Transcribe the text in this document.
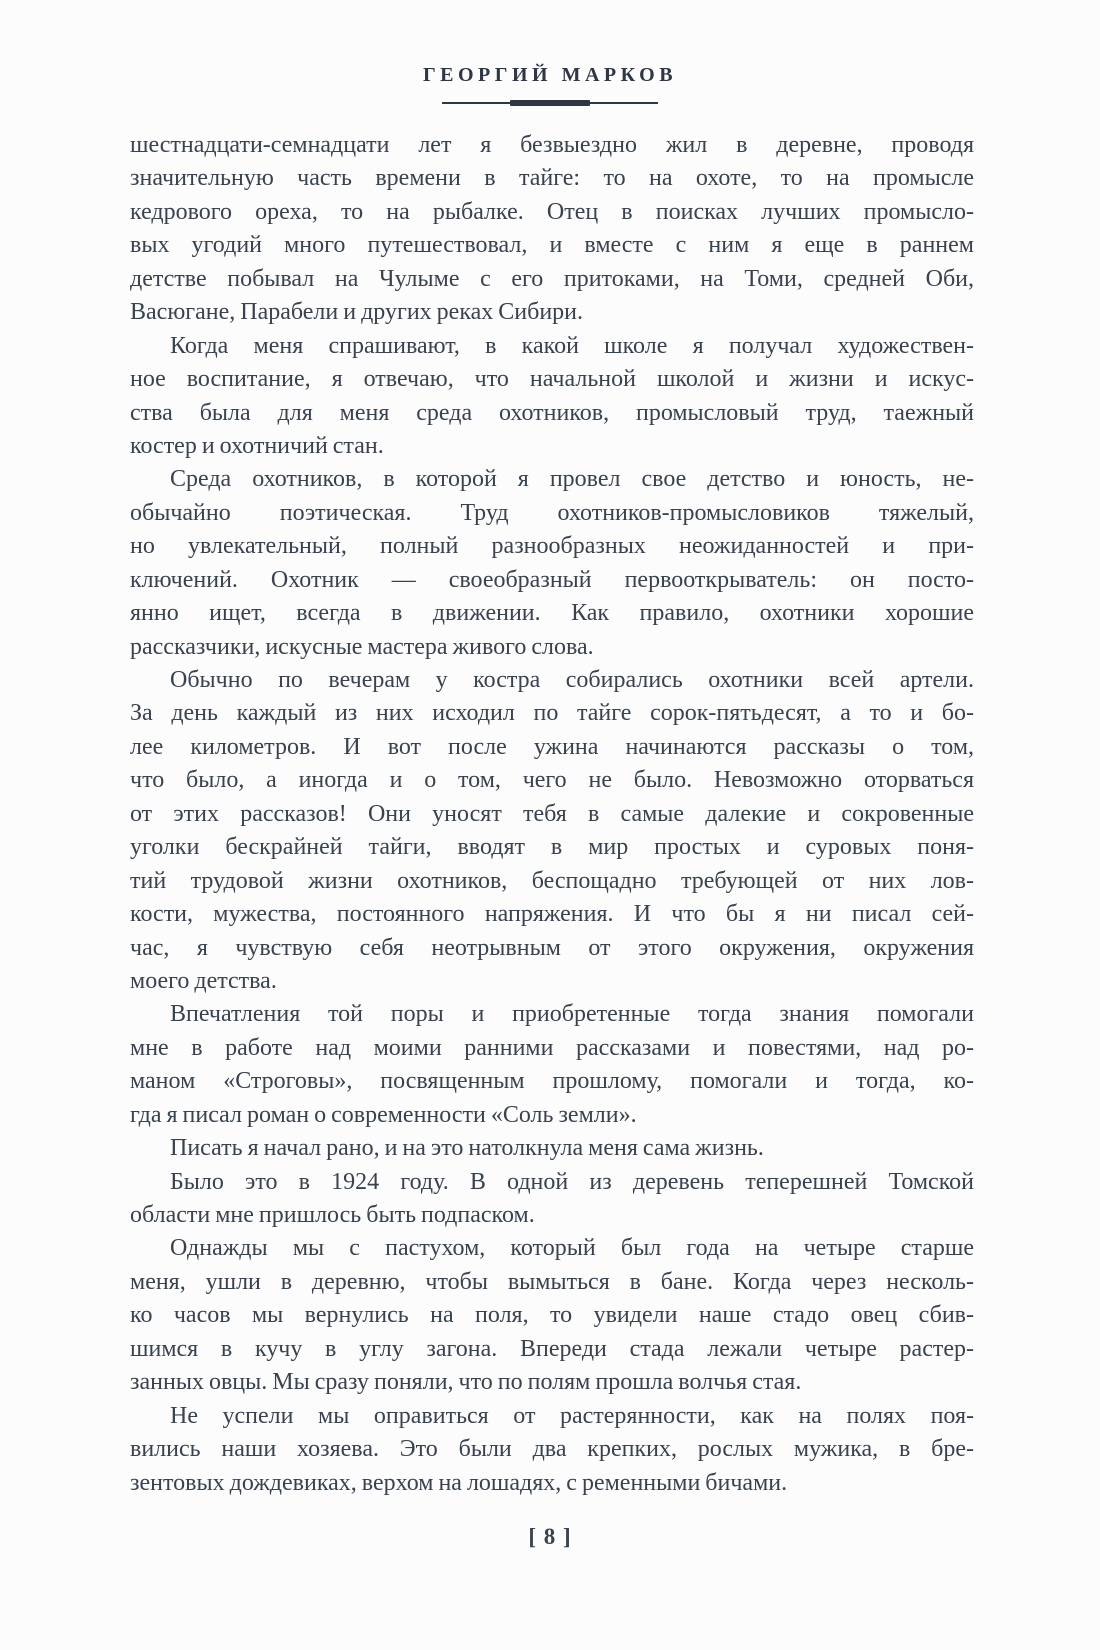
ГЕОРГИЙ МАРКОВ
шестнадцати-семнадцати лет я безвыездно жил в деревне, проводя
значительную часть времени в тайге: то на охоте, то на промысле
кедрового ореха, то на рыбалке. Отец в поисках лучших промысло-
вых угодий много путешествовал, и вместе с ним я еще в раннем
детстве побывал на Чулыме с его притоками, на Томи, средней Оби,
Васюгане, Парабели и других реках Сибири.
Когда меня спрашивают, в какой школе я получал художествен-
ное воспитание, я отвечаю, что начальной школой и жизни и искус-
ства была для меня среда охотников, промысловый труд, таежный
костер и охотничий стан.
Среда охотников, в которой я провел свое детство и юность, не-
обычайно поэтическая. Труд охотников-промысловиков тяжелый,
но увлекательный, полный разнообразных неожиданностей и при-
ключений. Охотник — своеобразный первооткрыватель: он посто-
янно ищет, всегда в движении. Как правило, охотники хорошие
рассказчики, искусные мастера живого слова.
Обычно по вечерам у костра собирались охотники всей артели.
За день каждый из них исходил по тайге сорок-пятьдесят, а то и бо-
лее километров. И вот после ужина начинаются рассказы о том,
что было, а иногда и о том, чего не было. Невозможно оторваться
от этих рассказов! Они уносят тебя в самые далекие и сокровенные
уголки бескрайней тайги, вводят в мир простых и суровых поня-
тий трудовой жизни охотников, беспощадно требующей от них лов-
кости, мужества, постоянного напряжения. И что бы я ни писал сей-
час, я чувствую себя неотрывным от этого окружения, окружения
моего детства.
Впечатления той поры и приобретенные тогда знания помогали
мне в работе над моими ранними рассказами и повестями, над ро-
маном «Строговы», посвященным прошлому, помогали и тогда, ко-
гда я писал роман о современности «Соль земли».
Писать я начал рано, и на это натолкнула меня сама жизнь.
Было это в 1924 году. В одной из деревень теперешней Томской
области мне пришлось быть подпаском.
Однажды мы с пастухом, который был года на четыре старше
меня, ушли в деревню, чтобы вымыться в бане. Когда через несколь-
ко часов мы вернулись на поля, то увидели наше стадо овец сбив-
шимся в кучу в углу загона. Впереди стада лежали четыре растер-
занных овцы. Мы сразу поняли, что по полям прошла волчья стая.
Не успели мы оправиться от растерянности, как на полях поя-
вились наши хозяева. Это были два крепких, рослых мужика, в бре-
зентовых дождевиках, верхом на лошадях, с ременными бичами.
[ 8 ]
